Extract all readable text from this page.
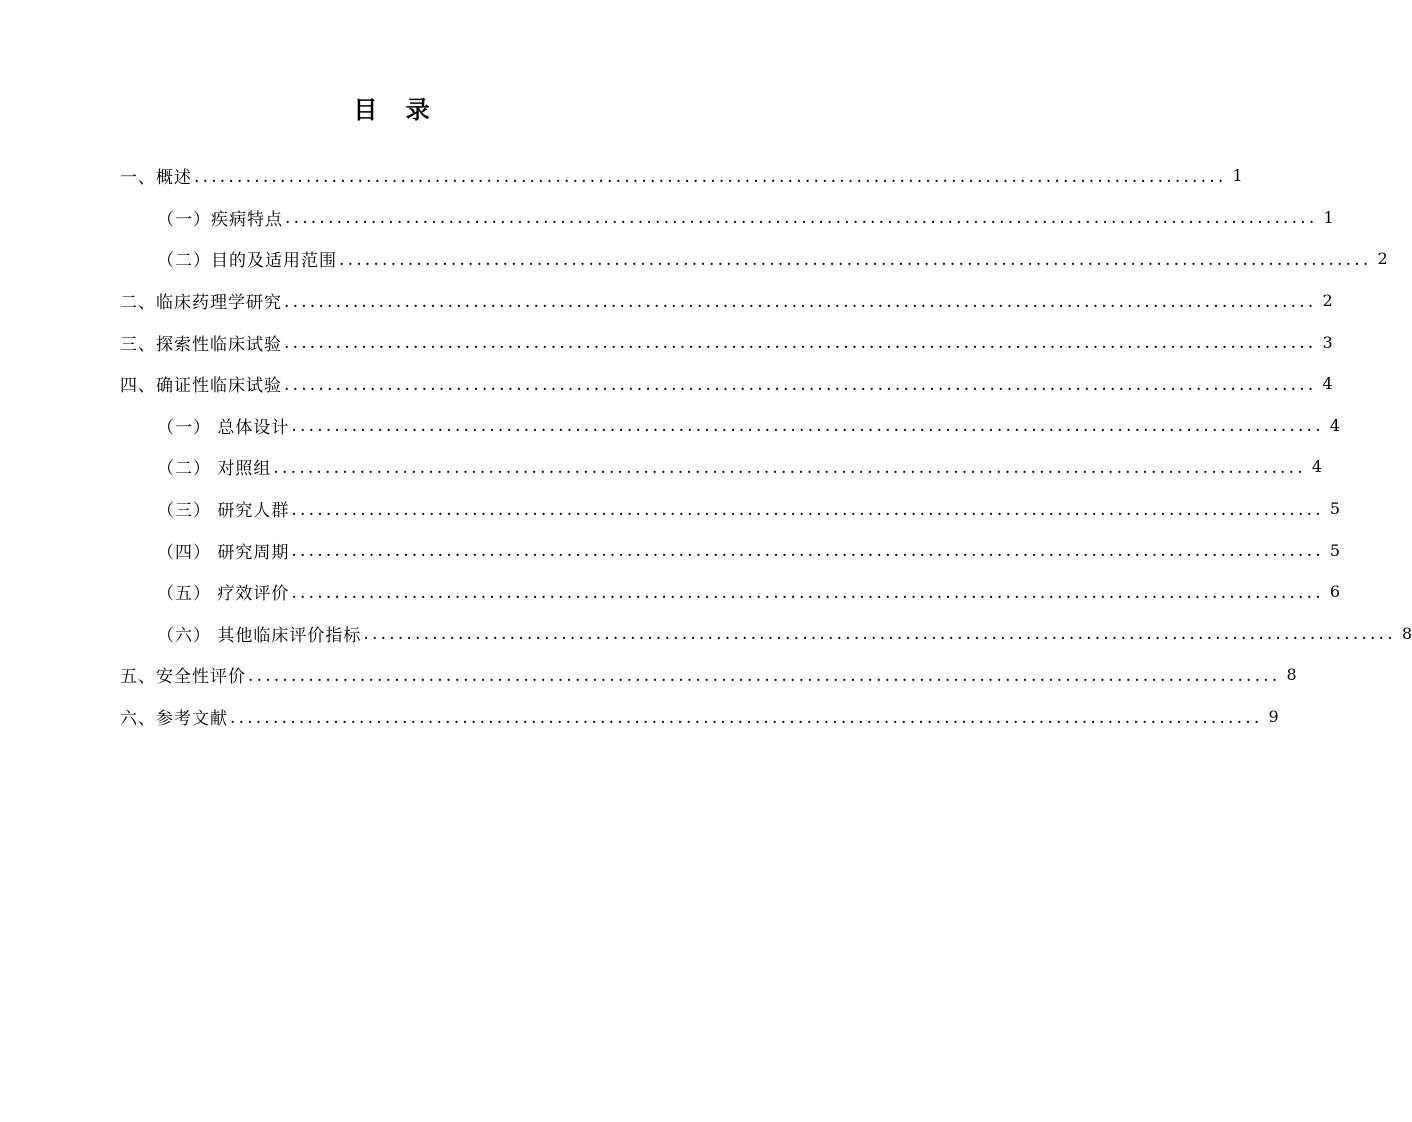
目 录
一、概述 ........................................................................................................................ 1
（一）疾病特点 ........................................................................................................................ 1
（二）目的及适用范围 ........................................................................................................................ 2
二、临床药理学研究 ........................................................................................................................ 2
三、探索性临床试验 ........................................................................................................................ 3
四、确证性临床试验 ........................................................................................................................ 4
（一） 总体设计 ........................................................................................................................ 4
（二） 对照组 ........................................................................................................................ 4
（三） 研究人群 ........................................................................................................................ 5
（四） 研究周期 ........................................................................................................................ 5
（五） 疗效评价 ........................................................................................................................ 6
（六） 其他临床评价指标 ........................................................................................................................ 8
五、安全性评价 ........................................................................................................................ 8
六、参考文献 ........................................................................................................................ 9
